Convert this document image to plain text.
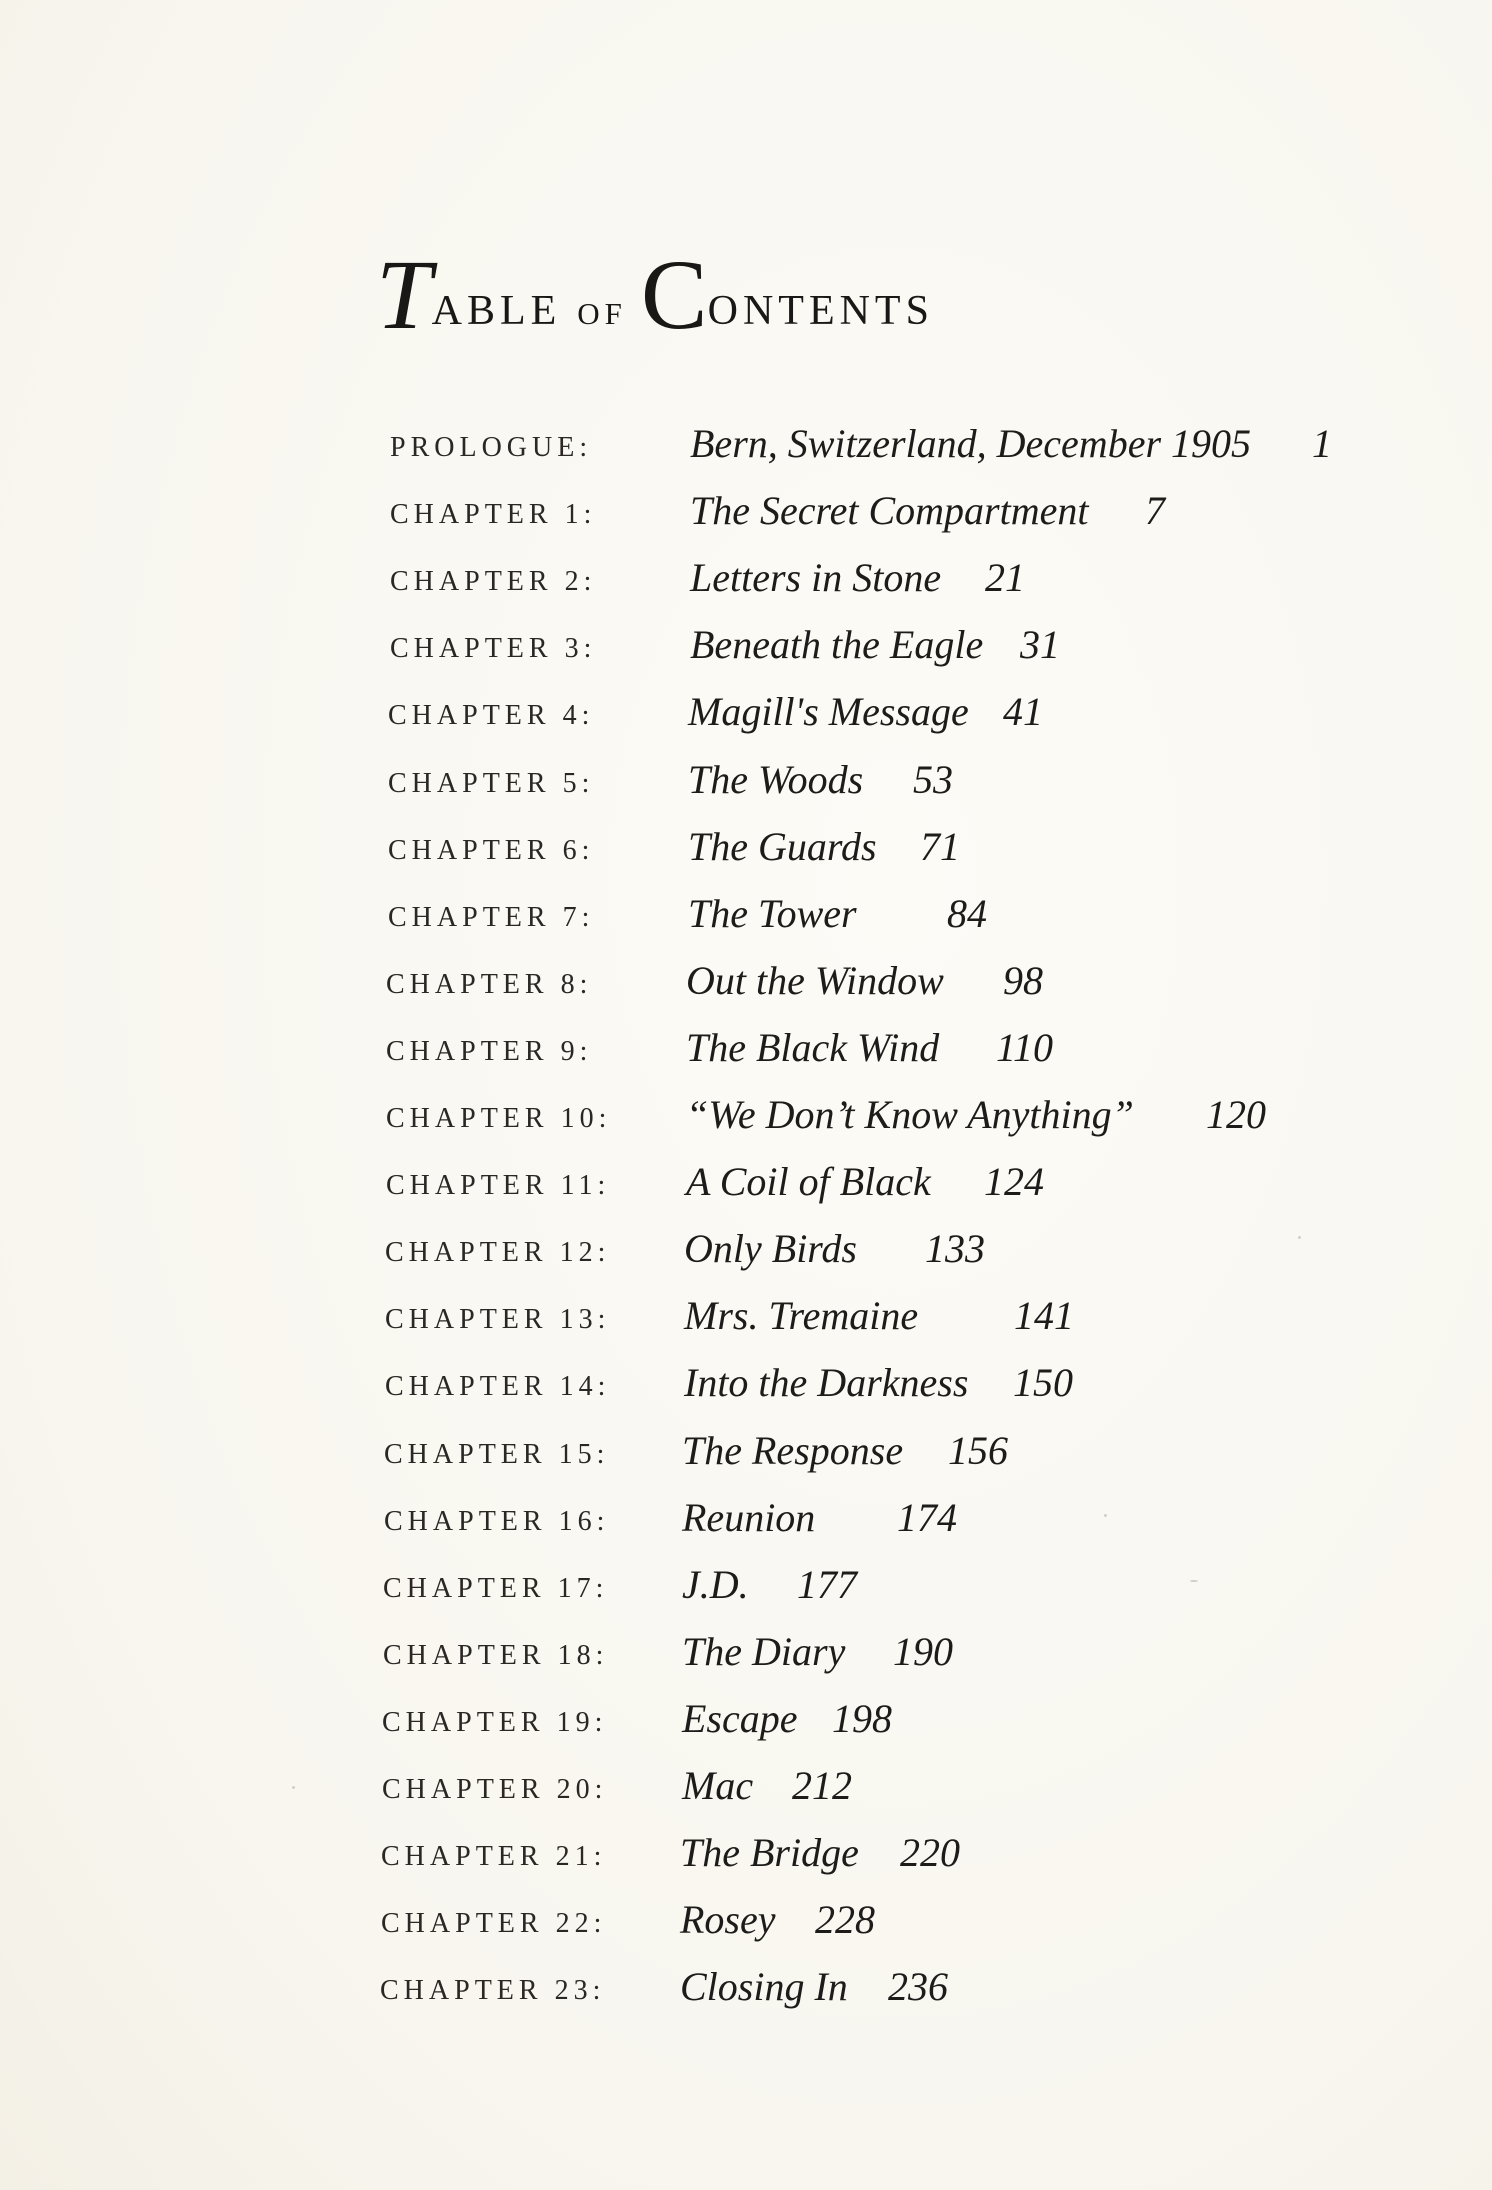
Table of Contents
PROLOGUE: Bern, Switzerland, December 1905 1
CHAPTER 1: The Secret Compartment 7
CHAPTER 2: Letters in Stone 21
CHAPTER 3: Beneath the Eagle 31
CHAPTER 4: Magill's Message 41
CHAPTER 5: The Woods 53
CHAPTER 6: The Guards 71
CHAPTER 7: The Tower 84
CHAPTER 8: Out the Window 98
CHAPTER 9: The Black Wind 110
CHAPTER 10: “We Don’t Know Anything” 120
CHAPTER 11: A Coil of Black 124
CHAPTER 12: Only Birds 133
CHAPTER 13: Mrs. Tremaine 141
CHAPTER 14: Into the Darkness 150
CHAPTER 15: The Response 156
CHAPTER 16: Reunion 174
CHAPTER 17: J.D. 177
CHAPTER 18: The Diary 190
CHAPTER 19: Escape 198
CHAPTER 20: Mac 212
CHAPTER 21: The Bridge 220
CHAPTER 22: Rosey 228
CHAPTER 23: Closing In 236
